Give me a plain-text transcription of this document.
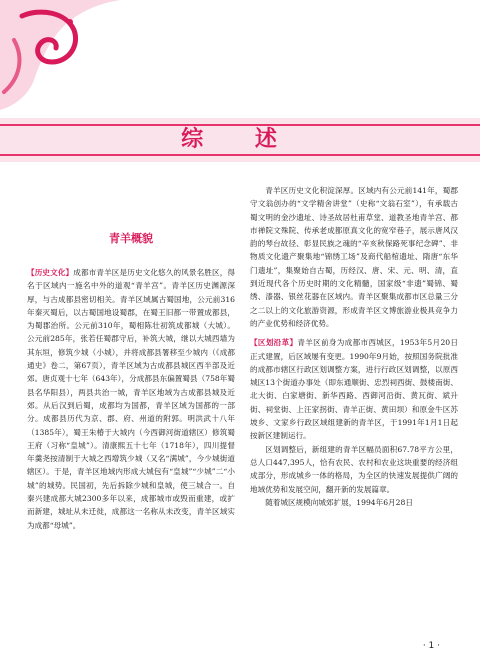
综 述
青羊概貌

【历史文化】成都市青羊区是历史文化悠久的风景名胜区，得名于区域内一施名中外的道观“青羊宫”。青羊区历史渊源深厚，与古成都县密切相关。青羊区域属古蜀国地，公元前316年秦灭蜀后，以古蜀国地设蜀郡，在蜀王旧都一带置成都县，为蜀郡治所。公元前310年，蜀相陈壮初筑成都城（大城）。公元前285年，张若任蜀郡守后，补筑大城，继以大城西墙为其东垣，修筑少城（小城），并将成都县署移至少城内（《成都通史》卷二，第67页），青羊区域为古成都县城区西半部及近郊。唐贞观十七年（643年），分成都县东偏置蜀县（758年蜀县名华阳县），两县共治一城，青羊区地域为古成都县城及近郊。从后汉到后蜀，成都均为国都，青羊区域为国都的一部分。成都县历代为京、郡、府、州道的附郭。明洪武十八年（1385年），蜀王朱椿于大城内（今西御河街道辖区）修筑蜀王府（习称“皇城”）。清康熙五十七年（1718年），四川提督年羹尧按清制于大城之西增筑少城（又名“满城”，今少城街道辖区）。于是，青羊区地域内形成大城包有“皇城”“少城”二“小城”的城势。民国初，先后拆除少城和皇城，使三城合一。自秦兴建成都大城2300多年以来，成都城市或毁而重建，或扩而新建，城址从未迁徙，成都这一名称从未改变，青羊区域实为成都“母城”。

青羊区历史文化积淀深厚。区域内有公元前141年，蜀郡守文翁创办的“文学精舍讲堂”（史称“文翁石室”），有承载古蜀文明的金沙遗址、诗圣故居杜甫草堂、道教圣地青羊宫、都市禅院文殊院、传承老成都原真文化的宽窄巷子，展示唐风汉韵的琴台故径、彰显民族之魂的“辛亥秋保路死事纪念碑”、非物质文化遗产聚集地“锦绣工场”及商代船棺遗址、隋唐“东华门遗址”，集聚始自古蜀，历经汉、唐、宋、元、明、清，直到近现代各个历史时期的文化精髓，国家级“非遗”蜀锦、蜀绣、漆器、银丝花器在区域内。青羊区聚集成都市区总量三分之二以上的文化旅游资源，形成青羊区文博旅游业极具竞争力的产业优势和经济优势。

【区划沿革】青羊区前身为成都市西城区，1953年5月20日正式建置，后区域屡有变更。1990年9月始，按照国务院批准的成都市辖区行政区划调整方案，进行行政区划调整，以原西城区13个街道办事处（即东通顺街、忠烈祠西街、鼓楼南街、北大街、白家塘街、新华西路、西御河沿街、黄瓦街、斌升街、祠堂街、上汪家拐街、青羊正街、黄田坝）和原金牛区苏坡乡、文家乡行政区域组建新的青羊区，于1991年1月1日起按新区建制运行。

区划调整后，新组建的青羊区幅员面积67.78平方公里，总人口447,395人，恰有农民、农村和农业这块重要的经济组成部分，形成城乡一体的格局，为全区的快速发展提供广阔的地域优势和发展空间，翻开新的发展篇章。

随着城区规模向城郊扩展，1994年6月28日

· 1 ·
